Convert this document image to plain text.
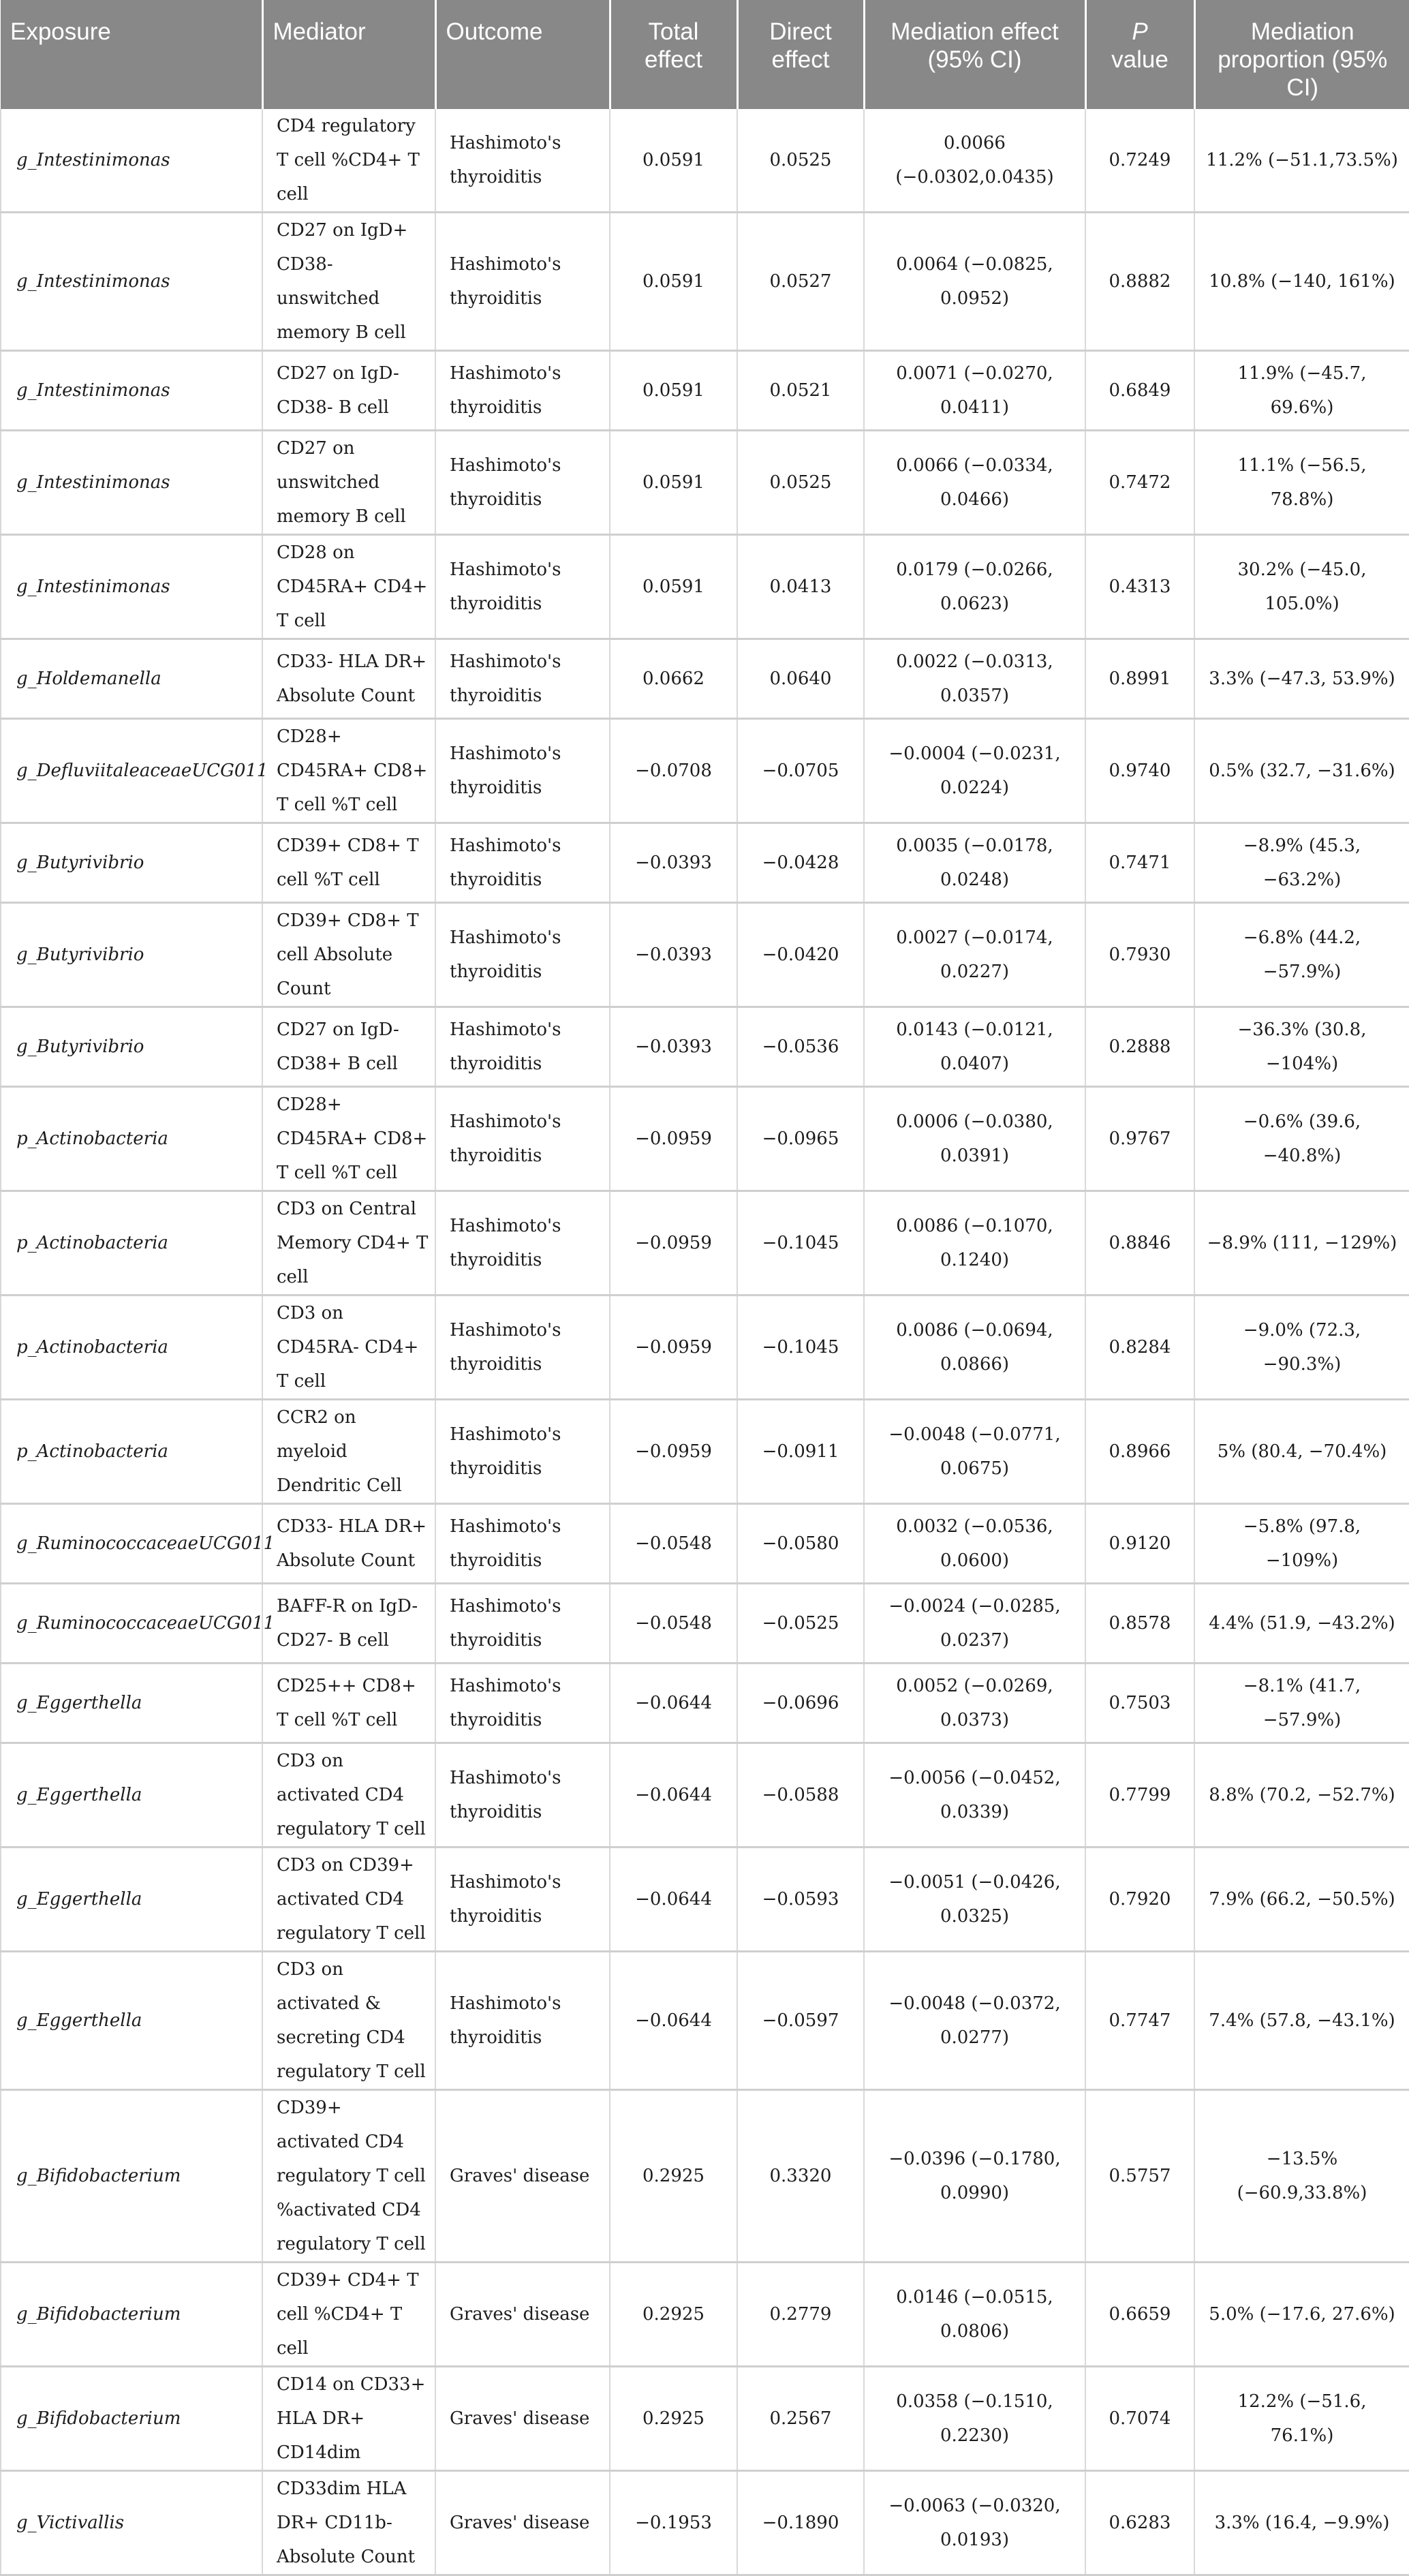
Exposure	Mediator	Outcome	Total effect	Direct effect	Mediation effect (95% CI)	P value	Mediation proportion (95% CI)
g_Intestinimonas	CD4 regulatory T cell %CD4+ T cell	Hashimoto's thyroiditis	0.0591	0.0525	0.0066 (−0.0302,0.0435)	0.7249	11.2% (−51.1,73.5%)
g_Intestinimonas	CD27 on IgD+ CD38- unswitched memory B cell	Hashimoto's thyroiditis	0.0591	0.0527	0.0064 (−0.0825, 0.0952)	0.8882	10.8% (−140, 161%)
g_Intestinimonas	CD27 on IgD- CD38- B cell	Hashimoto's thyroiditis	0.0591	0.0521	0.0071 (−0.0270, 0.0411)	0.6849	11.9% (−45.7, 69.6%)
g_Intestinimonas	CD27 on unswitched memory B cell	Hashimoto's thyroiditis	0.0591	0.0525	0.0066 (−0.0334, 0.0466)	0.7472	11.1% (−56.5, 78.8%)
g_Intestinimonas	CD28 on CD45RA+ CD4+ T cell	Hashimoto's thyroiditis	0.0591	0.0413	0.0179 (−0.0266, 0.0623)	0.4313	30.2% (−45.0, 105.0%)
g_Holdemanella	CD33- HLA DR+ Absolute Count	Hashimoto's thyroiditis	0.0662	0.0640	0.0022 (−0.0313, 0.0357)	0.8991	3.3% (−47.3, 53.9%)
g_DefluviitaleaceaeUCG011	CD28+ CD45RA+ CD8+ T cell %T cell	Hashimoto's thyroiditis	−0.0708	−0.0705	−0.0004 (−0.0231, 0.0224)	0.9740	0.5% (32.7, −31.6%)
g_Butyrivibrio	CD39+ CD8+ T cell %T cell	Hashimoto's thyroiditis	−0.0393	−0.0428	0.0035 (−0.0178, 0.0248)	0.7471	−8.9% (45.3, −63.2%)
g_Butyrivibrio	CD39+ CD8+ T cell Absolute Count	Hashimoto's thyroiditis	−0.0393	−0.0420	0.0027 (−0.0174, 0.0227)	0.7930	−6.8% (44.2, −57.9%)
g_Butyrivibrio	CD27 on IgD- CD38+ B cell	Hashimoto's thyroiditis	−0.0393	−0.0536	0.0143 (−0.0121, 0.0407)	0.2888	−36.3% (30.8, −104%)
p_Actinobacteria	CD28+ CD45RA+ CD8+ T cell %T cell	Hashimoto's thyroiditis	−0.0959	−0.0965	0.0006 (−0.0380, 0.0391)	0.9767	−0.6% (39.6, −40.8%)
p_Actinobacteria	CD3 on Central Memory CD4+ T cell	Hashimoto's thyroiditis	−0.0959	−0.1045	0.0086 (−0.1070, 0.1240)	0.8846	−8.9% (111, −129%)
p_Actinobacteria	CD3 on CD45RA- CD4+ T cell	Hashimoto's thyroiditis	−0.0959	−0.1045	0.0086 (−0.0694, 0.0866)	0.8284	−9.0% (72.3, −90.3%)
p_Actinobacteria	CCR2 on myeloid Dendritic Cell	Hashimoto's thyroiditis	−0.0959	−0.0911	−0.0048 (−0.0771, 0.0675)	0.8966	5% (80.4, −70.4%)
g_RuminococcaceaeUCG011	CD33- HLA DR+ Absolute Count	Hashimoto's thyroiditis	−0.0548	−0.0580	0.0032 (−0.0536, 0.0600)	0.9120	−5.8% (97.8, −109%)
g_RuminococcaceaeUCG011	BAFF-R on IgD- CD27- B cell	Hashimoto's thyroiditis	−0.0548	−0.0525	−0.0024 (−0.0285, 0.0237)	0.8578	4.4% (51.9, −43.2%)
g_Eggerthella	CD25++ CD8+ T cell %T cell	Hashimoto's thyroiditis	−0.0644	−0.0696	0.0052 (−0.0269, 0.0373)	0.7503	−8.1% (41.7, −57.9%)
g_Eggerthella	CD3 on activated CD4 regulatory T cell	Hashimoto's thyroiditis	−0.0644	−0.0588	−0.0056 (−0.0452, 0.0339)	0.7799	8.8% (70.2, −52.7%)
g_Eggerthella	CD3 on CD39+ activated CD4 regulatory T cell	Hashimoto's thyroiditis	−0.0644	−0.0593	−0.0051 (−0.0426, 0.0325)	0.7920	7.9% (66.2, −50.5%)
g_Eggerthella	CD3 on activated & secreting CD4 regulatory T cell	Hashimoto's thyroiditis	−0.0644	−0.0597	−0.0048 (−0.0372, 0.0277)	0.7747	7.4% (57.8, −43.1%)
g_Bifidobacterium	CD39+ activated CD4 regulatory T cell %activated CD4 regulatory T cell	Graves' disease	0.2925	0.3320	−0.0396 (−0.1780, 0.0990)	0.5757	−13.5% (−60.9,33.8%)
g_Bifidobacterium	CD39+ CD4+ T cell %CD4+ T cell	Graves' disease	0.2925	0.2779	0.0146 (−0.0515, 0.0806)	0.6659	5.0% (−17.6, 27.6%)
g_Bifidobacterium	CD14 on CD33+ HLA DR+ CD14dim	Graves' disease	0.2925	0.2567	0.0358 (−0.1510, 0.2230)	0.7074	12.2% (−51.6, 76.1%)
g_Victivallis	CD33dim HLA DR+ CD11b- Absolute Count	Graves' disease	−0.1953	−0.1890	−0.0063 (−0.0320, 0.0193)	0.6283	3.3% (16.4, −9.9%)
